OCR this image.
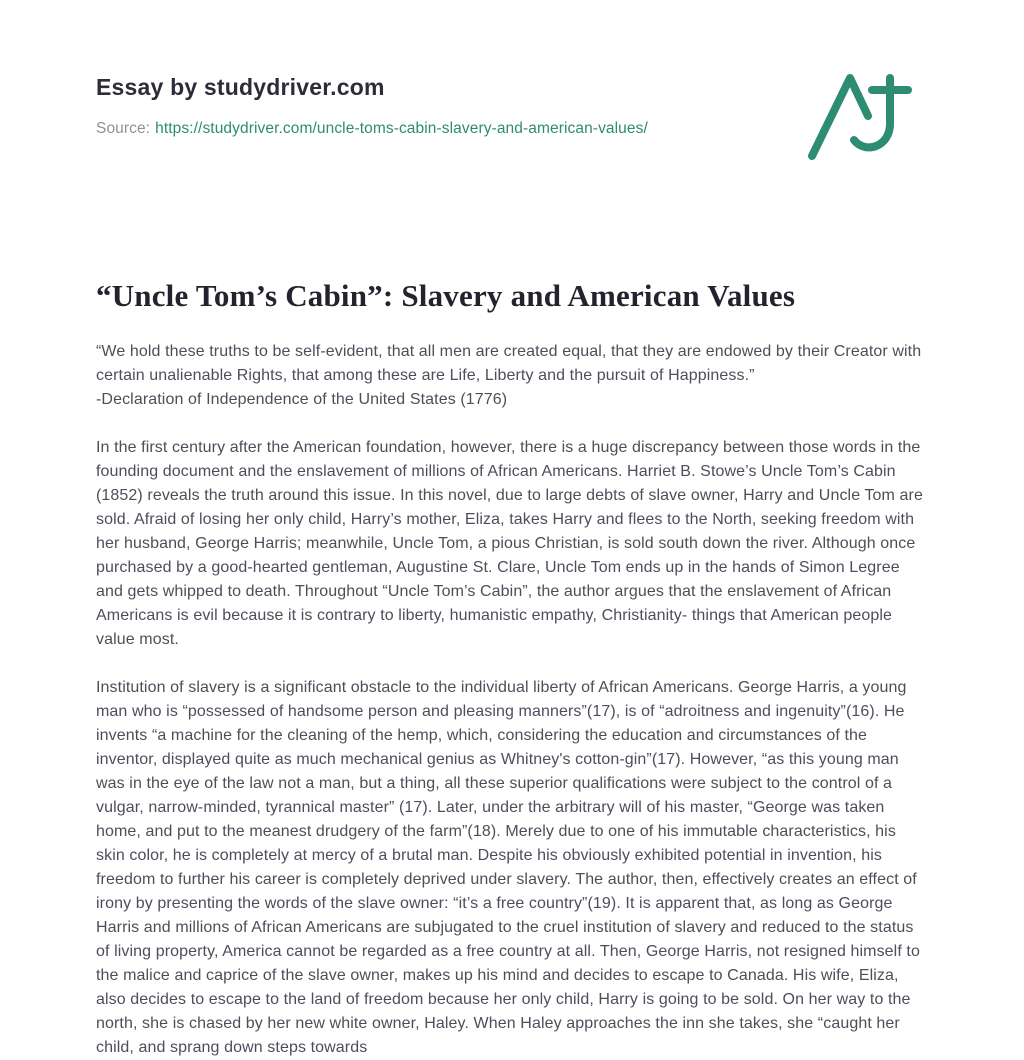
Essay by studydriver.com
Source: https://studydriver.com/uncle-toms-cabin-slavery-and-american-values/
“Uncle Tom’s Cabin”: Slavery and American Values

“We hold these truths to be self-evident, that all men are created equal, that they are endowed by their Creator with certain unalienable Rights, that among these are Life, Liberty and the pursuit of Happiness.”

-Declaration of Independence of the United States (1776)

In the first century after the American foundation, however, there is a huge discrepancy between those words in the founding document and the enslavement of millions of African Americans. Harriet B. Stowe’s Uncle Tom’s Cabin (1852) reveals the truth around this issue. In this novel, due to large debts of slave owner, Harry and Uncle Tom are sold. Afraid of losing her only child, Harry’s mother, Eliza, takes Harry and flees to the North, seeking freedom with her husband, George Harris; meanwhile, Uncle Tom, a pious Christian, is sold south down the river. Although once purchased by a good-hearted gentleman, Augustine St. Clare, Uncle Tom ends up in the hands of Simon Legree and gets whipped to death. Throughout “Uncle Tom’s Cabin”, the author argues that the enslavement of African Americans is evil because it is contrary to liberty, humanistic empathy, Christianity- things that American people value most.

Institution of slavery is a significant obstacle to the individual liberty of African Americans. George Harris, a young man who is “possessed of handsome person and pleasing manners”(17), is of “adroitness and ingenuity”(16). He invents “a machine for the cleaning of the hemp, which, considering the education and circumstances of the inventor, displayed quite as much mechanical genius as Whitney's cotton-gin”(17). However, “as this young man was in the eye of the law not a man, but a thing, all these superior qualifications were subject to the control of a vulgar, narrow-minded, tyrannical master” (17). Later, under the arbitrary will of his master, “George was taken home, and put to the meanest drudgery of the farm”(18). Merely due to one of his immutable characteristics, his skin color, he is completely at mercy of a brutal man. Despite his obviously exhibited potential in invention, his freedom to further his career is completely deprived under slavery. The author, then, effectively creates an effect of irony by presenting the words of the slave owner: “it’s a free country”(19). It is apparent that, as long as George Harris and millions of African Americans are subjugated to the cruel institution of slavery and reduced to the status of living property, America cannot be regarded as a free country at all. Then, George Harris, not resigned himself to the malice and caprice of the slave owner, makes up his mind and decides to escape to Canada. His wife, Eliza, also decides to escape to the land of freedom because her only child, Harry is going to be sold. On her way to the north, she is chased by her new white owner, Haley. When Haley approaches the inn she takes, she “caught her child, and sprang down steps towards
